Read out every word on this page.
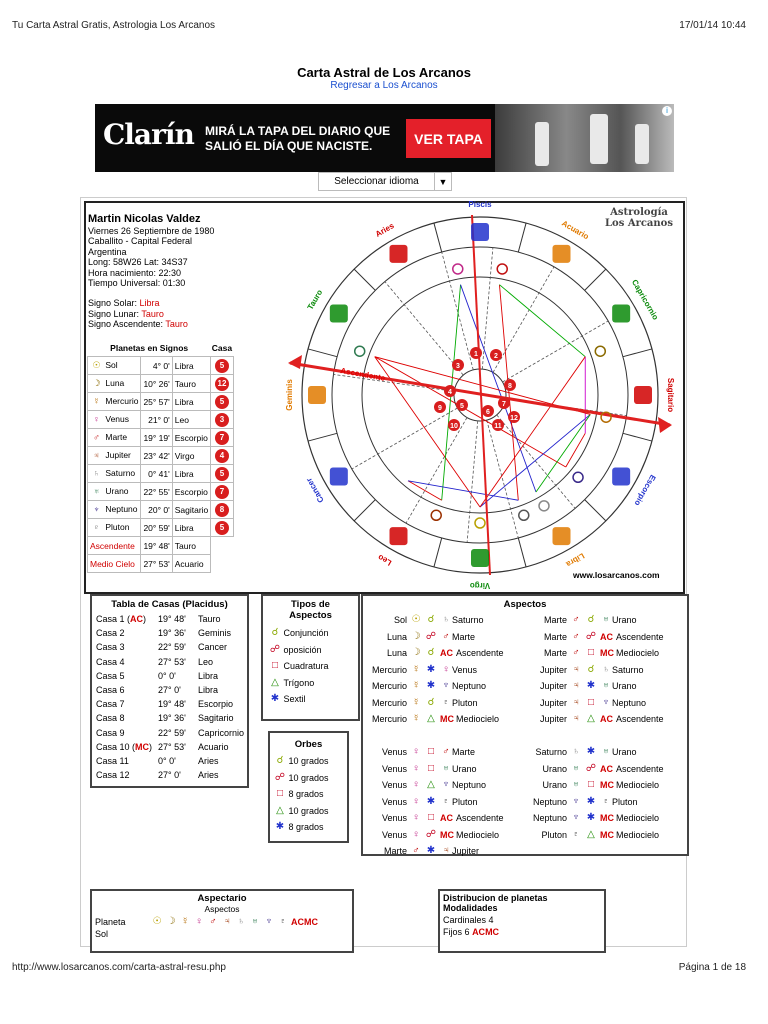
Tu Carta Astral Gratis, Astrologia Los Arcanos	17/01/14 10:44
Carta Astral de Los Arcanos
Regresar a Los Arcanos
Clarín MIRÁ LA TAPA DEL DIARIO QUE SALIÓ EL DÍA QUE NACISTE.	VER TAPA
i
Seleccionar idioma	▼
Martin Nicolas Valdez
Viernes 26 Septiembre de 1980
Caballito - Capital Federal
Argentina
Long: 58W26 Lat: 34S37
Hora nacimiento: 22:30
Tiempo Universal: 01:30
Signo Solar: Libra
Signo Lunar: Tauro
Signo Ascendente: Tauro
Planetas en Signos			Casa
☉ Sol	4° 0'	Libra	5
☽ Luna	10° 26'	Tauro	12
☿ Mercurio	25° 57'	Libra	5
♀ Venus	21° 0'	Leo	3
♂ Marte	19° 19'	Escorpio	7
♃ Jupiter	23° 42'	Virgo	4
♄ Saturno	0° 41'	Libra	5
♅ Urano	22° 55'	Escorpio	7
♆ Neptuno	20° 0'	Sagitario	8
♇ Pluton	20° 59'	Libra	5
Ascendente	19° 48'	Tauro	
Medio Cielo	27° 53'	Acuario	
Ascendente
Acuario
Capricornio
Sagitario
Escorpio
Libra
Virgo
Leo
Cancer
Geminis
Tauro
Aries
Piscis
1 2
3
4
5
6
7
8
9
10	11
12
Astrología
Los Arcanos
www.losarcanos.com
Tabla de Casas (Placidus)
Casa 1 (AC)	19° 48'	Tauro
Casa 2	19° 36'	Geminis
Casa 3	22° 59'	Cancer
Casa 4	27° 53'	Leo
Casa 5	0° 0'	Libra
Casa 6	27° 0'	Libra
Casa 7	19° 48'	Escorpio
Casa 8	19° 36'	Sagitario
Casa 9	22° 59'	Capricornio
Casa 10 (MC) 27° 53'	Acuario
Casa 11	0° 0'	Aries
Casa 12	27° 0'	Aries
Tipos de Aspectos
☌
Conjunción
☍
oposición
□
Cuadratura
△
Trígono
✱
Sextil
Orbes
☌
10 grados
☍
10 grados
□
8 grados
△
10 grados
✱
8 grados
Aspectos
Sol ☉ ☌ ♄ Saturno
Luna ☽ ☍ ♂ Marte
Luna ☽ ☌ AC Ascendente
Mercurio ☿ ✱ ♀ Venus
Mercurio ☿ ✱ ♆ Neptuno
Mercurio ☿ ☌ ♇ Pluton
Mercurio ☿ △ MC Mediocielo
Venus ♀ □ ♂ Marte
Venus ♀ □ ♅ Urano
Venus ♀ △ ♆ Neptuno
Venus ♀ ✱ ♇ Pluton
Venus ♀ □ AC Ascendente
Venus ♀ ☍ MC Mediocielo
Marte ♂ ✱ ♃ Jupiter
Marte ♂ ☌ ♅ Urano
Marte ♂ ☍ AC Ascendente
Marte ♂ □ MC Mediocielo
Jupiter ♃ ☌ ♄ Saturno
Jupiter ♃ ✱ ♅ Urano
Jupiter ♃ □ ♆ Neptuno
Jupiter ♃ △ AC Ascendente
Saturno ♄ ✱ ♅ Urano
Urano ♅ ☍ AC Ascendente
Urano ♅ □ MC Mediocielo
Neptuno ♆ ✱ ♇ Pluton
Neptuno ♆ ✱ MC Mediocielo
Pluton ♇ △ MC Mediocielo
Aspectario
Aspectos
Planeta	☉ ☽ ☿ ♀ ♂ ♃ ♄ ♅ ♆ ♇ AC MC
Sol
Distribucion de planetas
Modalidades
Cardinales 4
Fijos 6 ACMC
http://www.losarcanos.com/carta-astral-resu.php	Página 1 de 18
